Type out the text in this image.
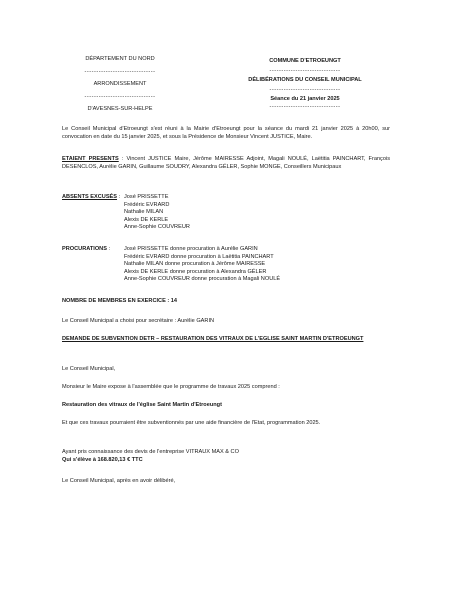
DÉPARTEMENT DU NORD
------------------------------
ARRONDISSEMENT
------------------------------
D'AVESNES-SUR-HELPE
COMMUNE D'ETROEUNGT
------------------------------
DÉLIBÉRATIONS DU CONSEIL MUNICIPAL
------------------------------
Séance du 21 janvier 2025
------------------------------
Le Conseil Municipal d'Etroeungt s'est réuni à la Mairie d'Etroeungt pour la séance du mardi 21 janvier 2025 à 20h00, sur convocation en date du 15 janvier 2025, et sous la Présidence de Monsieur Vincent JUSTICE, Maire.
ETAIENT PRESENTS : Vincent JUSTICE Maire, Jérôme MAIRESSE Adjoint, Magali NOULÉ, Laëtitia PAINCHART, François DESENCLOS, Aurélie GARIN, Guillaume SOUDRY, Alexandra GÉLER, Sophie MONGE, Conseillers Municipaux
ABSENTS EXCUSÉS : José PRISSETTE
Frédéric EVRARD
Nathalie MILAN
Alexis DE KERLE
Anne-Sophie COUVREUR
PROCURATIONS :	José PRISSETTE donne procuration à Aurélie GARIN
Frédéric EVRARD donne procuration à Laëtitia PAINCHART
Nathalie MILAN donne procuration à Jérôme MAIRESSE
Alexis DE KERLE donne procuration à Alexandra GÉLER
Anne-Sophie COUVREUR donne procuration à Magali NOULÉ
NOMBRE DE MEMBRES EN EXERCICE : 14
Le Conseil Municipal a choisi pour secrétaire : Aurélie GARIN
DEMANDE DE SUBVENTION DETR – RESTAURATION DES VITRAUX DE L'EGLISE SAINT MARTIN D'ETROEUNGT
Le Conseil Municipal,
Monsieur le Maire expose à l'assemblée que le programme de travaux 2025 comprend :
Restauration des vitraux de l'église Saint Martin d'Etroeungt
Et que ces travaux pourraient être subventionnés par une aide financière de l'Etat, programmation 2025.
Ayant pris connaissance des devis de l'entreprise VITRAUX MAX & CO
Qui s'élève à 168.820,13 € TTC
Le Conseil Municipal, après en avoir délibéré,
